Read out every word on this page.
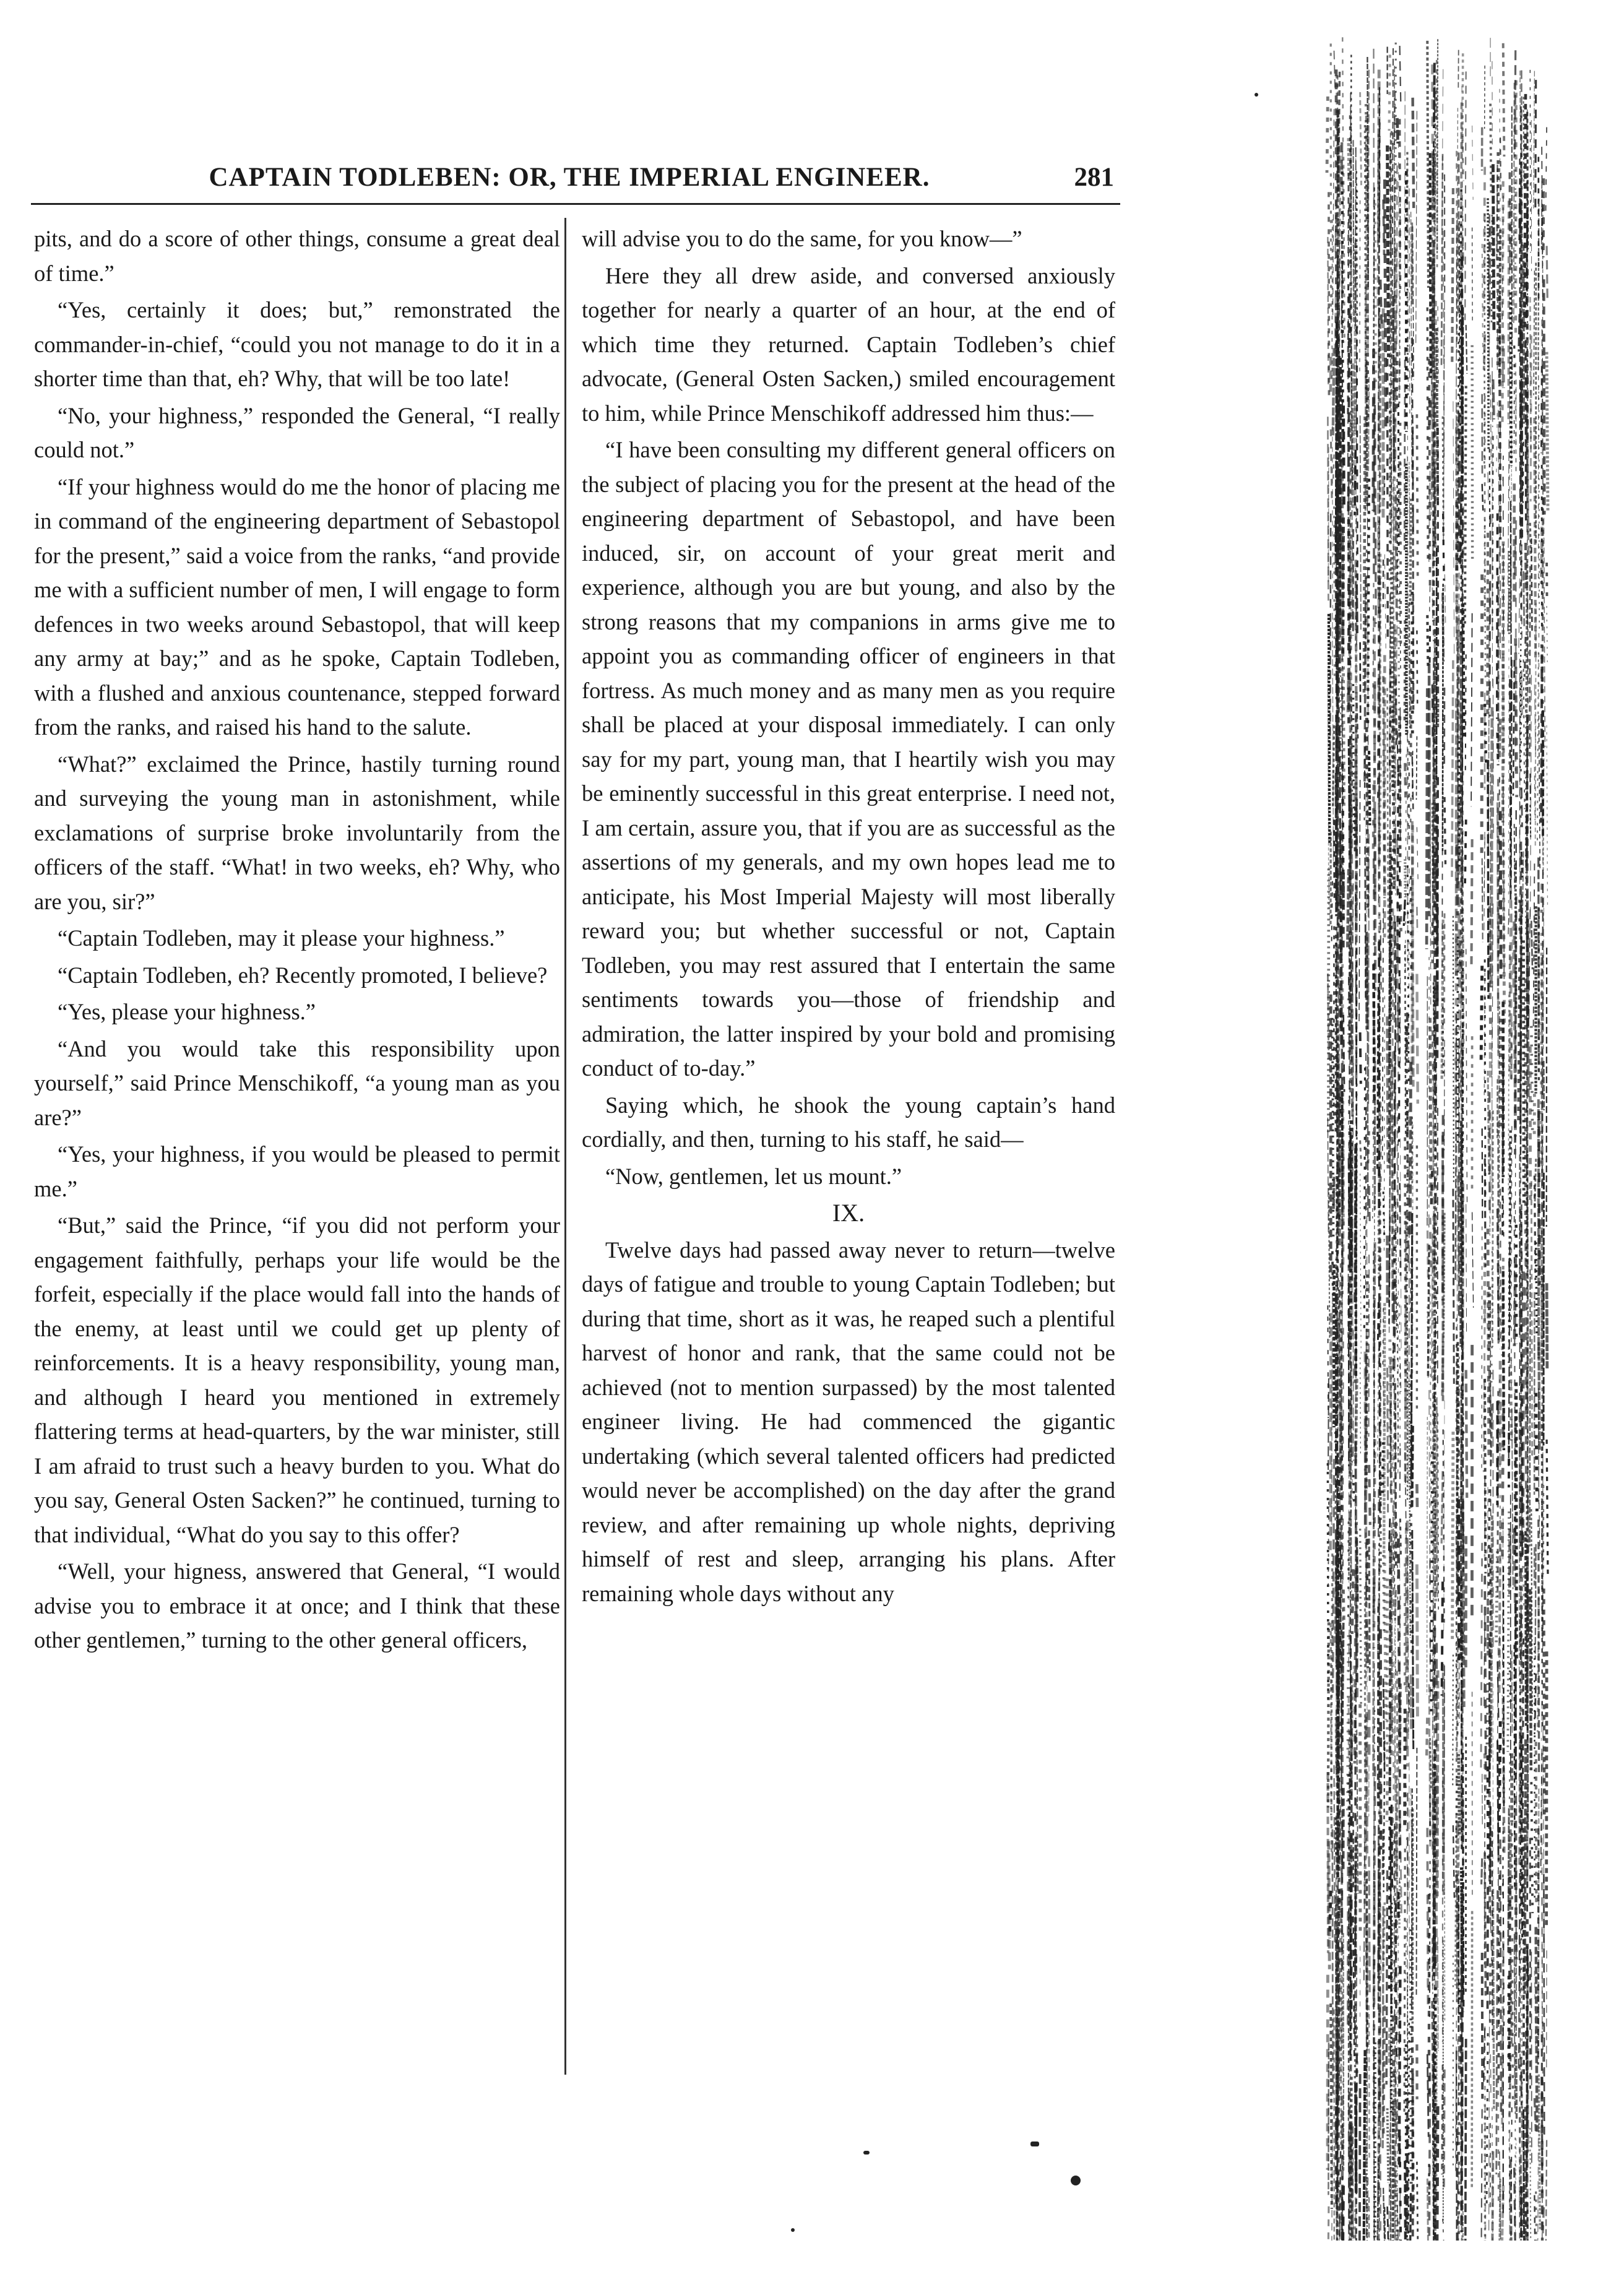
CAPTAIN TODLEBEN: OR, THE IMPERIAL ENGINEER.	281

pits, and do a score of other things, consume a great deal of time.”

“Yes, certainly it does; but,” remonstrated the commander-in-chief, “could you not manage to do it in a shorter time than that, eh? Why, that will be too late!

“No, your highness,” responded the General, “I really could not.”

“If your highness would do me the honor of placing me in command of the engineering department of Sebastopol for the present,” said a voice from the ranks, “and provide me with a sufficient number of men, I will engage to form defences in two weeks around Sebastopol, that will keep any army at bay;” and as he spoke, Captain Todleben, with a flushed and anxious countenance, stepped forward from the ranks, and raised his hand to the salute.

“What?” exclaimed the Prince, hastily turning round and surveying the young man in astonishment, while exclamations of surprise broke involuntarily from the officers of the staff. “What! in two weeks, eh? Why, who are you, sir?”

“Captain Todleben, may it please your highness.”

“Captain Todleben, eh? Recently promoted, I believe?

“Yes, please your highness.”

“And you would take this responsibility upon yourself,” said Prince Menschikoff, “a young man as you are?”

“Yes, your highness, if you would be pleased to permit me.”

“But,” said the Prince, “if you did not perform your engagement faithfully, perhaps your life would be the forfeit, especially if the place would fall into the hands of the enemy, at least until we could get up plenty of reinforcements. It is a heavy responsibility, young man, and although I heard you mentioned in extremely flattering terms at head-quarters, by the war minister, still I am afraid to trust such a heavy burden to you. What do you say, General Osten Sacken?” he continued, turning to that individual, “What do you say to this offer?

“Well, your higness, answered that General, “I would advise you to embrace it at once; and I think that these other gentlemen,” turning to the other general officers,

will advise you to do the same, for you know—”

Here they all drew aside, and conversed anxiously together for nearly a quarter of an hour, at the end of which time they returned. Captain Todleben’s chief advocate, (General Osten Sacken,) smiled encouragement to him, while Prince Menschikoff addressed him thus:—

“I have been consulting my different general officers on the subject of placing you for the present at the head of the engineering department of Sebastopol, and have been induced, sir, on account of your great merit and experience, although you are but young, and also by the strong reasons that my companions in arms give me to appoint you as commanding officer of engineers in that fortress. As much money and as many men as you require shall be placed at your disposal immediately. I can only say for my part, young man, that I heartily wish you may be eminently successful in this great enterprise. I need not, I am certain, assure you, that if you are as successful as the assertions of my generals, and my own hopes lead me to anticipate, his Most Imperial Majesty will most liberally reward you; but whether successful or not, Captain Todleben, you may rest assured that I entertain the same sentiments towards you—those of friendship and admiration, the latter inspired by your bold and promising conduct of to-day.”

Saying which, he shook the young captain’s hand cordially, and then, turning to his staff, he said—

“Now, gentlemen, let us mount.”

IX.

Twelve days had passed away never to return—twelve days of fatigue and trouble to young Captain Todleben; but during that time, short as it was, he reaped such a plentiful harvest of honor and rank, that the same could not be achieved (not to mention surpassed) by the most talented engineer living. He had commenced the gigantic undertaking (which several talented officers had predicted would never be accomplished) on the day after the grand review, and after remaining up whole nights, depriving himself of rest and sleep, arranging his plans. After remaining whole days without any
